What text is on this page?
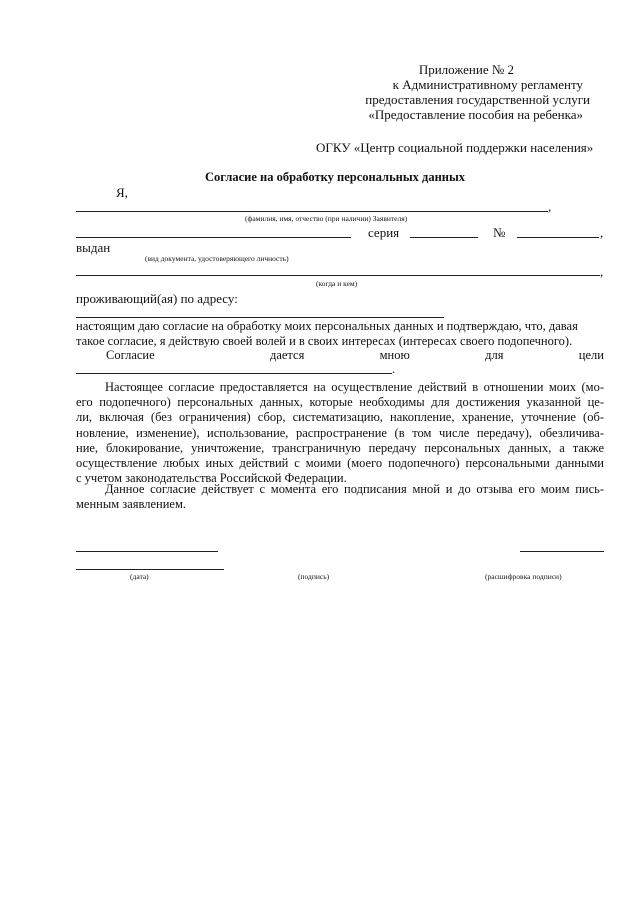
Приложение № 2
к Административному регламенту
предоставления государственной услуги
«Предоставление пособия на ребенка»
ОГКУ «Центр социальной поддержки населения»
Согласие на обработку персональных данных
Я,
,
(фамилия, имя, отчество (при наличии) Заявителя)
серия	№	,
выдан
(вид документа, удостоверяющего личность)
,
(когда и кем)
проживающий(ая) по адресу:
настоящим даю согласие на обработку моих персональных данных и подтверждаю, что, давая
такое согласие, я действую своей волей и в своих интересах (интересах своего подопечного).
Согласие	дается	мною	для	цели
.
Настоящее согласие предоставляется на осуществление действий в отношении моих (мо-
его подопечного) персональных данных, которые необходимы для достижения указанной це-
ли, включая (без ограничения) сбор, систематизацию, накопление, хранение, уточнение (об-
новление, изменение), использование, распространение (в том числе передачу), обезличива-
ние, блокирование, уничтожение, трансграничную передачу персональных данных, а также
осуществление любых иных действий с моими (моего подопечного) персональными данными
с учетом законодательства Российской Федерации.
Данное согласие действует с момента его подписания мной и до отзыва его моим пись-
менным заявлением.
(дата)	(подпись)	(расшифровка подписи)
